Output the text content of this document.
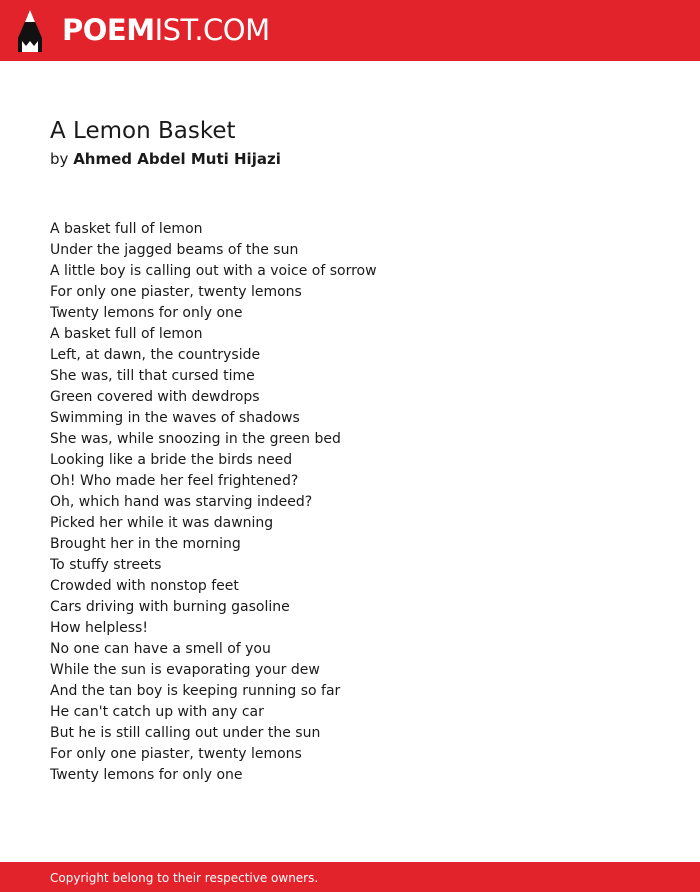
POEMIST.COM
A Lemon Basket
by Ahmed Abdel Muti Hijazi
A basket full of lemon
Under the jagged beams of the sun
A little boy is calling out with a voice of sorrow
For only one piaster, twenty lemons
Twenty lemons for only one
A basket full of lemon
Left, at dawn, the countryside
She was, till that cursed time
Green covered with dewdrops
Swimming in the waves of shadows
She was, while snoozing in the green bed
Looking like a bride the birds need
Oh! Who made her feel frightened?
Oh, which hand was starving indeed?
Picked her while it was dawning
Brought her in the morning
To stuffy streets
Crowded with nonstop feet
Cars driving with burning gasoline
How helpless!
No one can have a smell of you
While the sun is evaporating your dew
And the tan boy is keeping running so far
He can't catch up with any car
But he is still calling out under the sun
For only one piaster, twenty lemons
Twenty lemons for only one
Copyright belong to their respective owners.
